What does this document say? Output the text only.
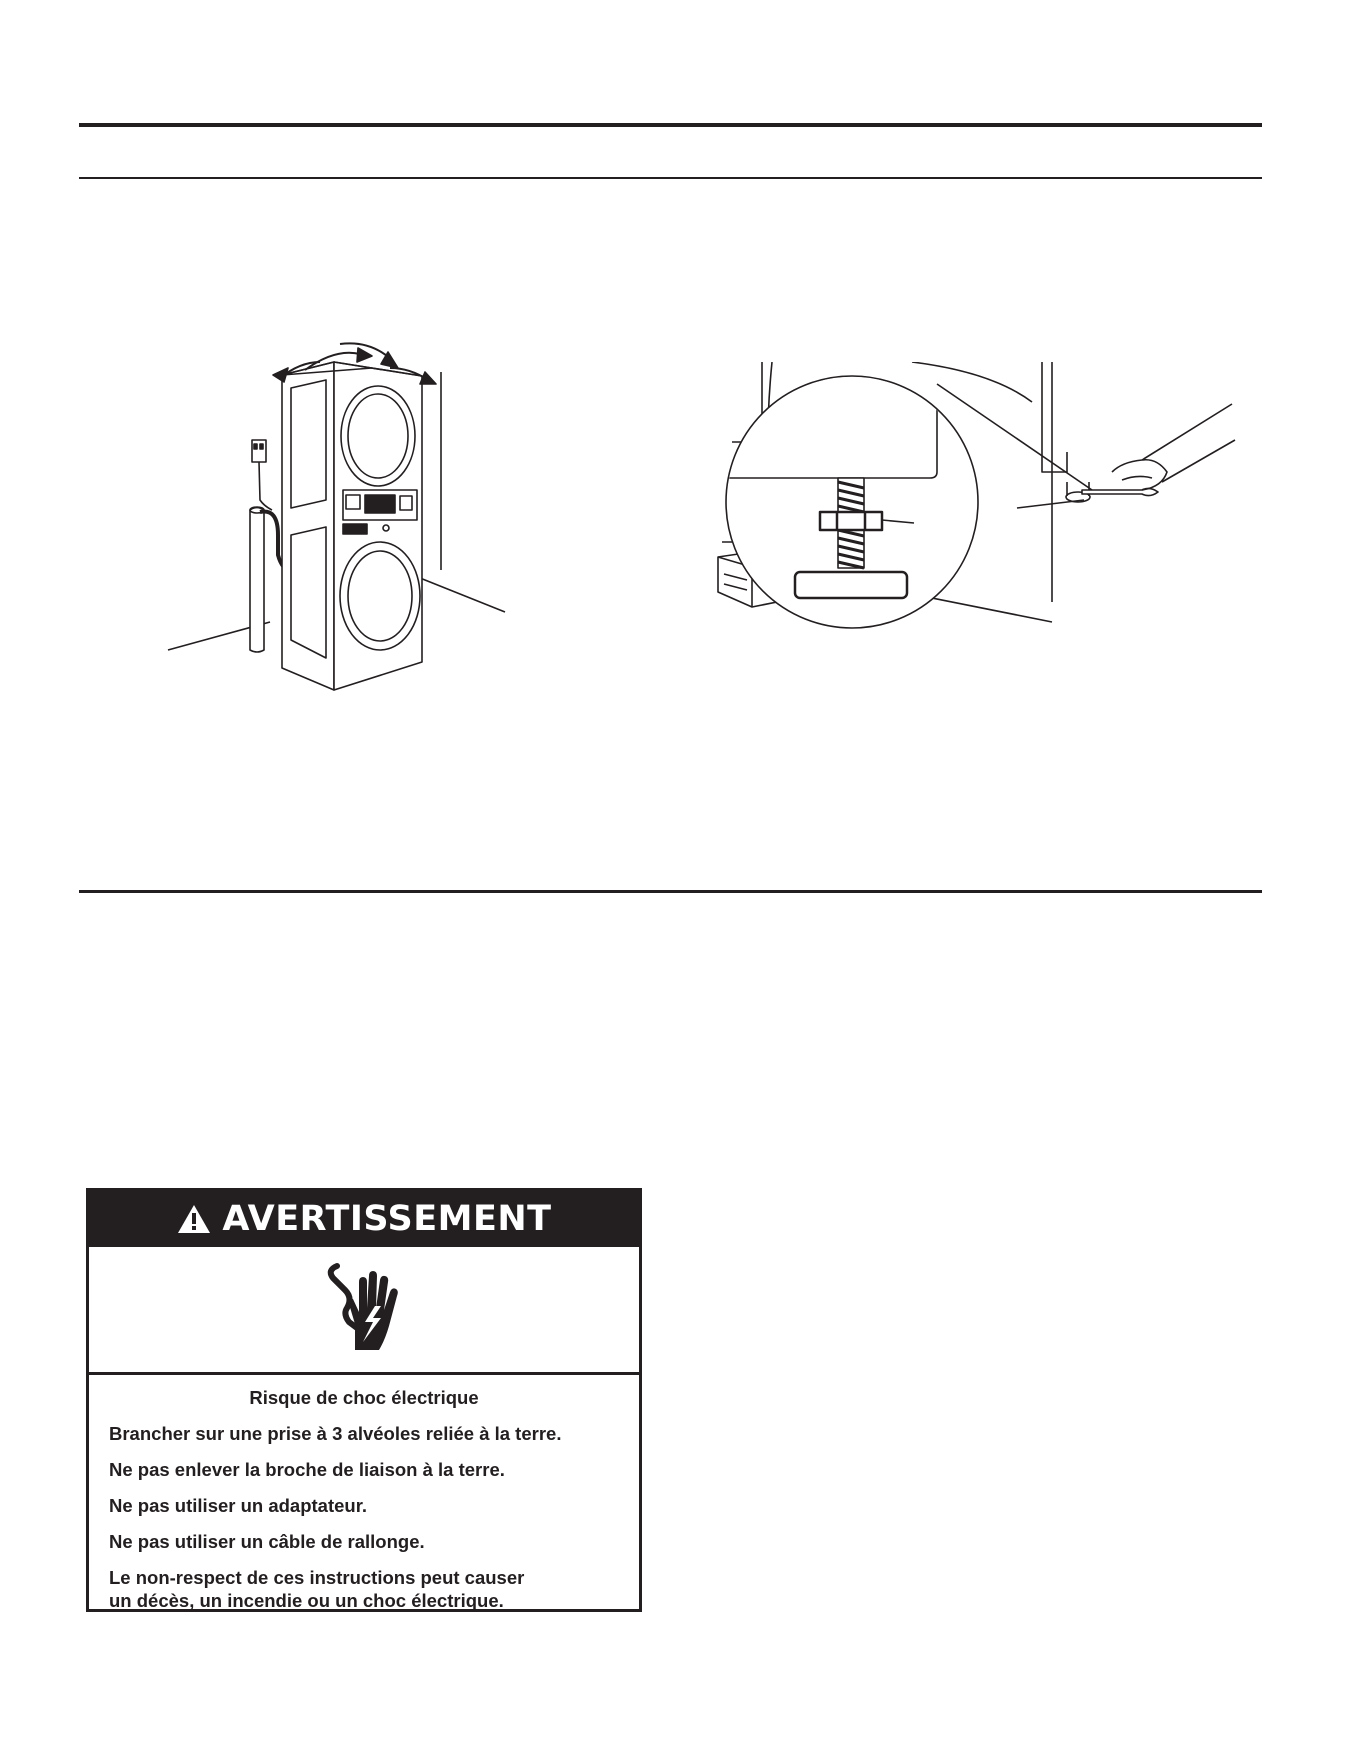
AVERTISSEMENT

Risque de choc électrique

Brancher sur une prise à 3 alvéoles reliée à la terre.

Ne pas enlever la broche de liaison à la terre.

Ne pas utiliser un adaptateur.

Ne pas utiliser un câble de rallonge.

Le non-respect de ces instructions peut causer
un décès, un incendie ou un choc électrique.
